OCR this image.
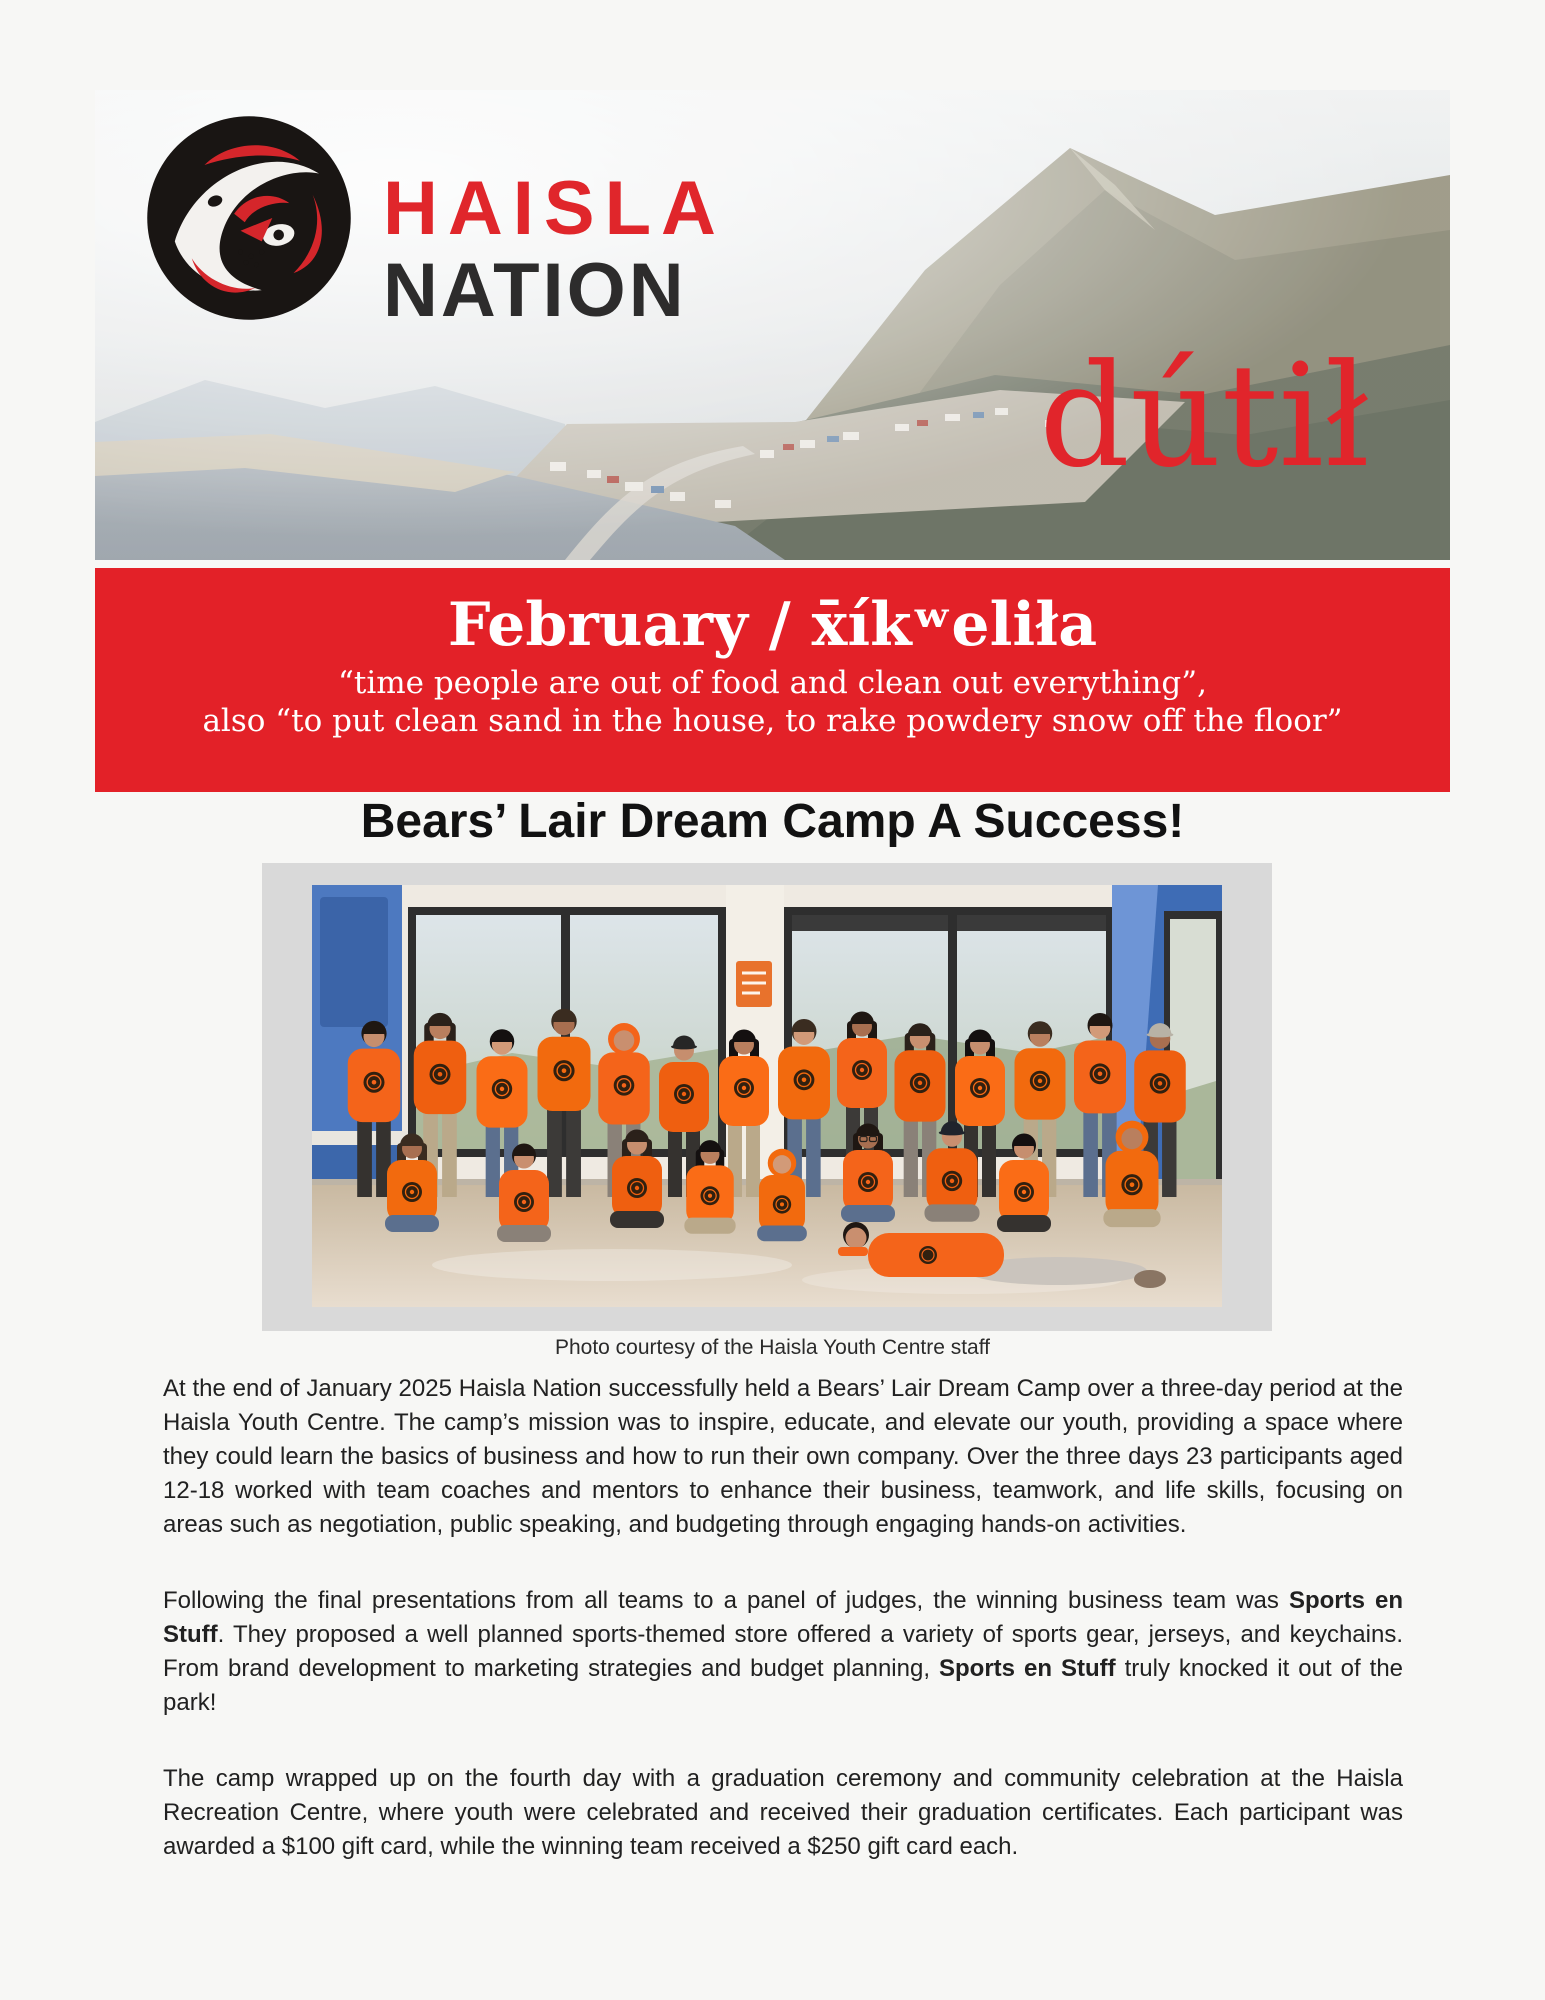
HAISLA
NATION
dútił
February / x̄íkʷeliła
“time people are out of food and clean out everything”,
also “to put clean sand in the house, to rake powdery snow off the floor”
Bears’ Lair Dream Camp A Success!
Photo courtesy of the Haisla Youth Centre staff

At the end of January 2025 Haisla Nation successfully held a Bears’ Lair Dream Camp over a three-day period at the Haisla Youth Centre. The camp’s mission was to inspire, educate, and elevate our youth, providing a space where they could learn the basics of business and how to run their own company. Over the three days 23 participants aged 12-18 worked with team coaches and mentors to enhance their business, teamwork, and life skills, focusing on areas such as negotiation, public speaking, and budgeting through engaging hands-on activities.

Following the final presentations from all teams to a panel of judges, the winning business team was Sports en Stuff. They proposed a well planned sports-themed store offered a variety of sports gear, jerseys, and keychains. From brand development to marketing strategies and budget planning, Sports en Stuff truly knocked it out of the park!

The camp wrapped up on the fourth day with a graduation ceremony and community celebration at the Haisla Recreation Centre, where youth were celebrated and received their graduation certificates. Each participant was awarded a $100 gift card, while the winning team received a $250 gift card each.
